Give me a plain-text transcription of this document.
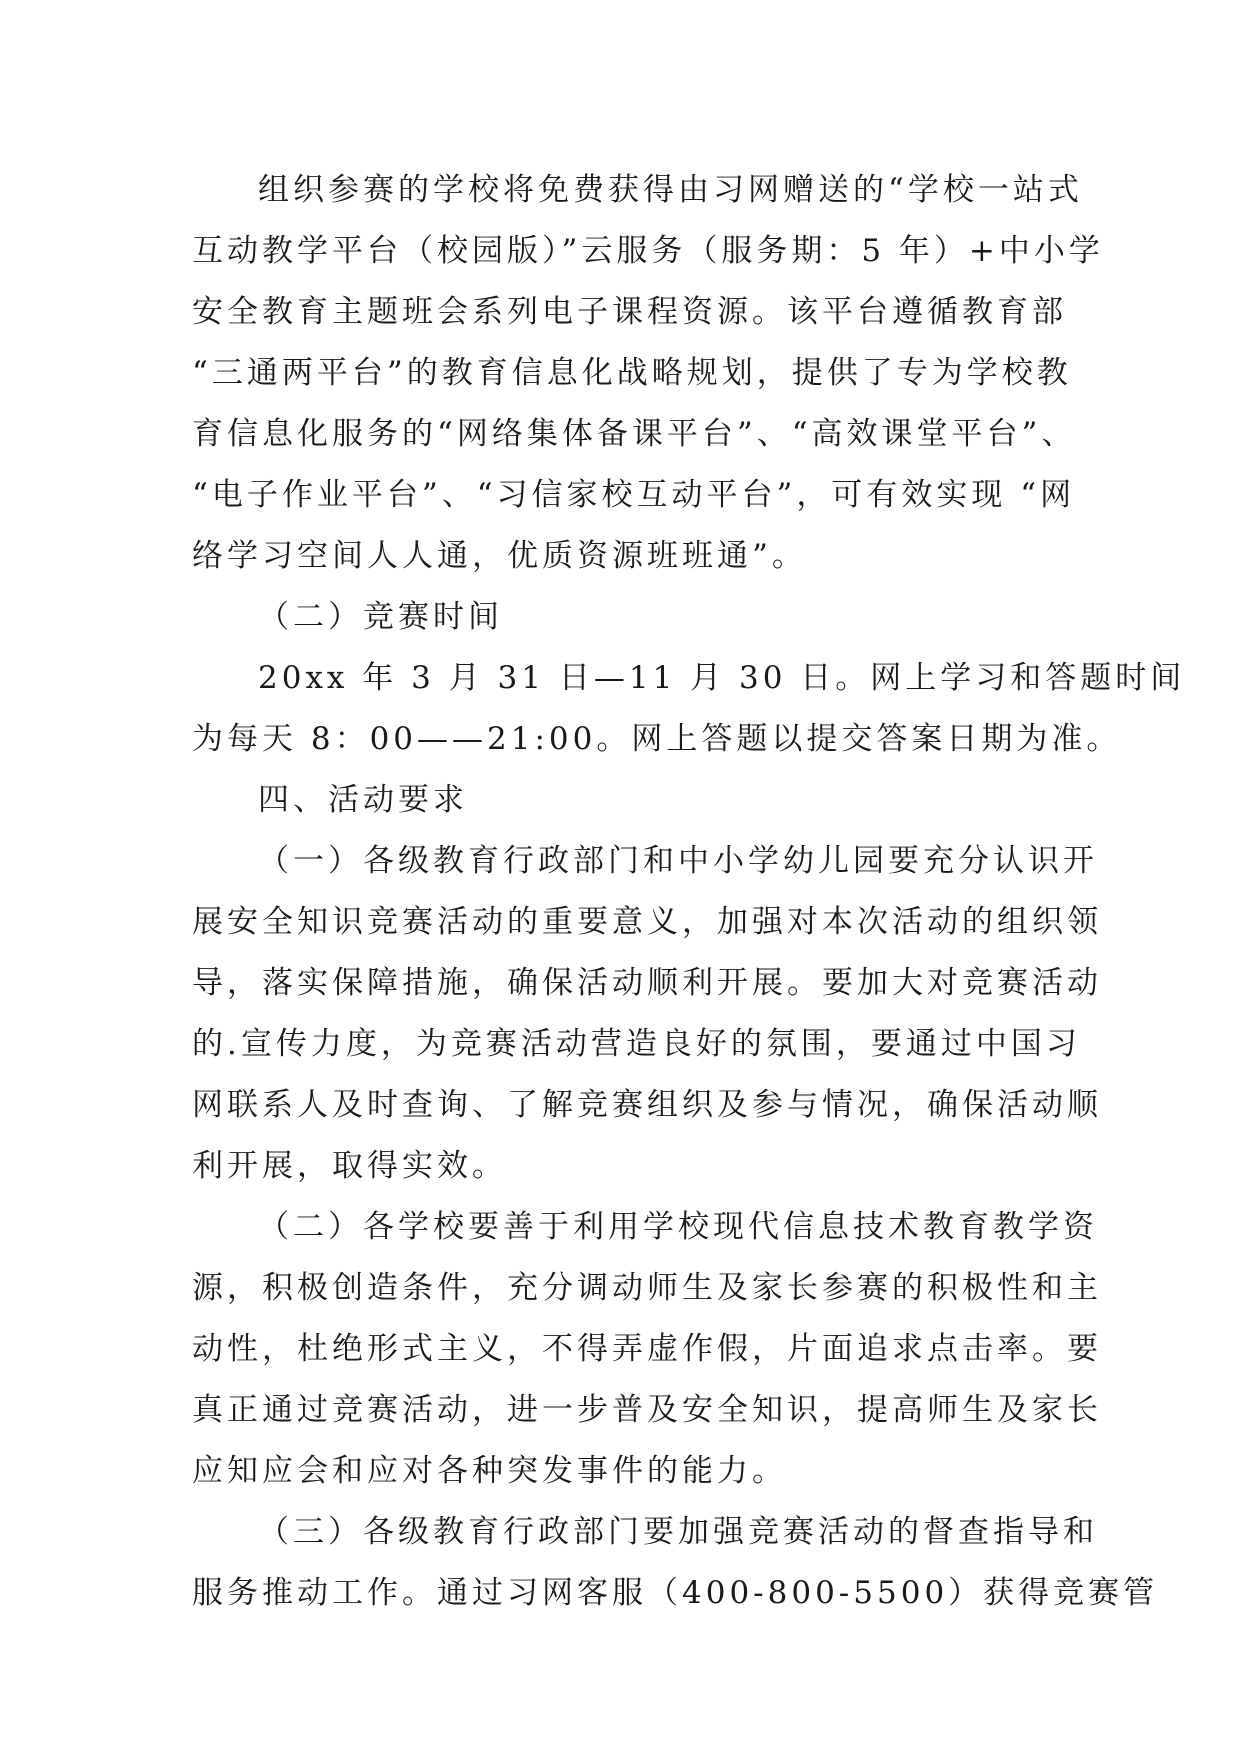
组织参赛的学校将免费获得由习网赠送的“学校一站式
互动教学平台（校园版）”云服务（服务期：5 年）+中小学
安全教育主题班会系列电子课程资源。该平台遵循教育部
“三通两平台”的教育信息化战略规划，提供了专为学校教
育信息化服务的“网络集体备课平台”、“高效课堂平台”、
“电子作业平台”、“习信家校互动平台”，可有效实现 “网
络学习空间人人通，优质资源班班通”。
（二）竞赛时间
20xx 年 3 月 31 日—11 月 30 日。网上学习和答题时间
为每天 8：00——21:00。网上答题以提交答案日期为准。
四、活动要求
（一）各级教育行政部门和中小学幼儿园要充分认识开
展安全知识竞赛活动的重要意义，加强对本次活动的组织领
导，落实保障措施，确保活动顺利开展。要加大对竞赛活动
的.宣传力度，为竞赛活动营造良好的氛围，要通过中国习
网联系人及时查询、了解竞赛组织及参与情况，确保活动顺
利开展，取得实效。
（二）各学校要善于利用学校现代信息技术教育教学资
源，积极创造条件，充分调动师生及家长参赛的积极性和主
动性，杜绝形式主义，不得弄虚作假，片面追求点击率。要
真正通过竞赛活动，进一步普及安全知识，提高师生及家长
应知应会和应对各种突发事件的能力。
（三）各级教育行政部门要加强竞赛活动的督查指导和
服务推动工作。通过习网客服（400-800-5500）获得竞赛管
